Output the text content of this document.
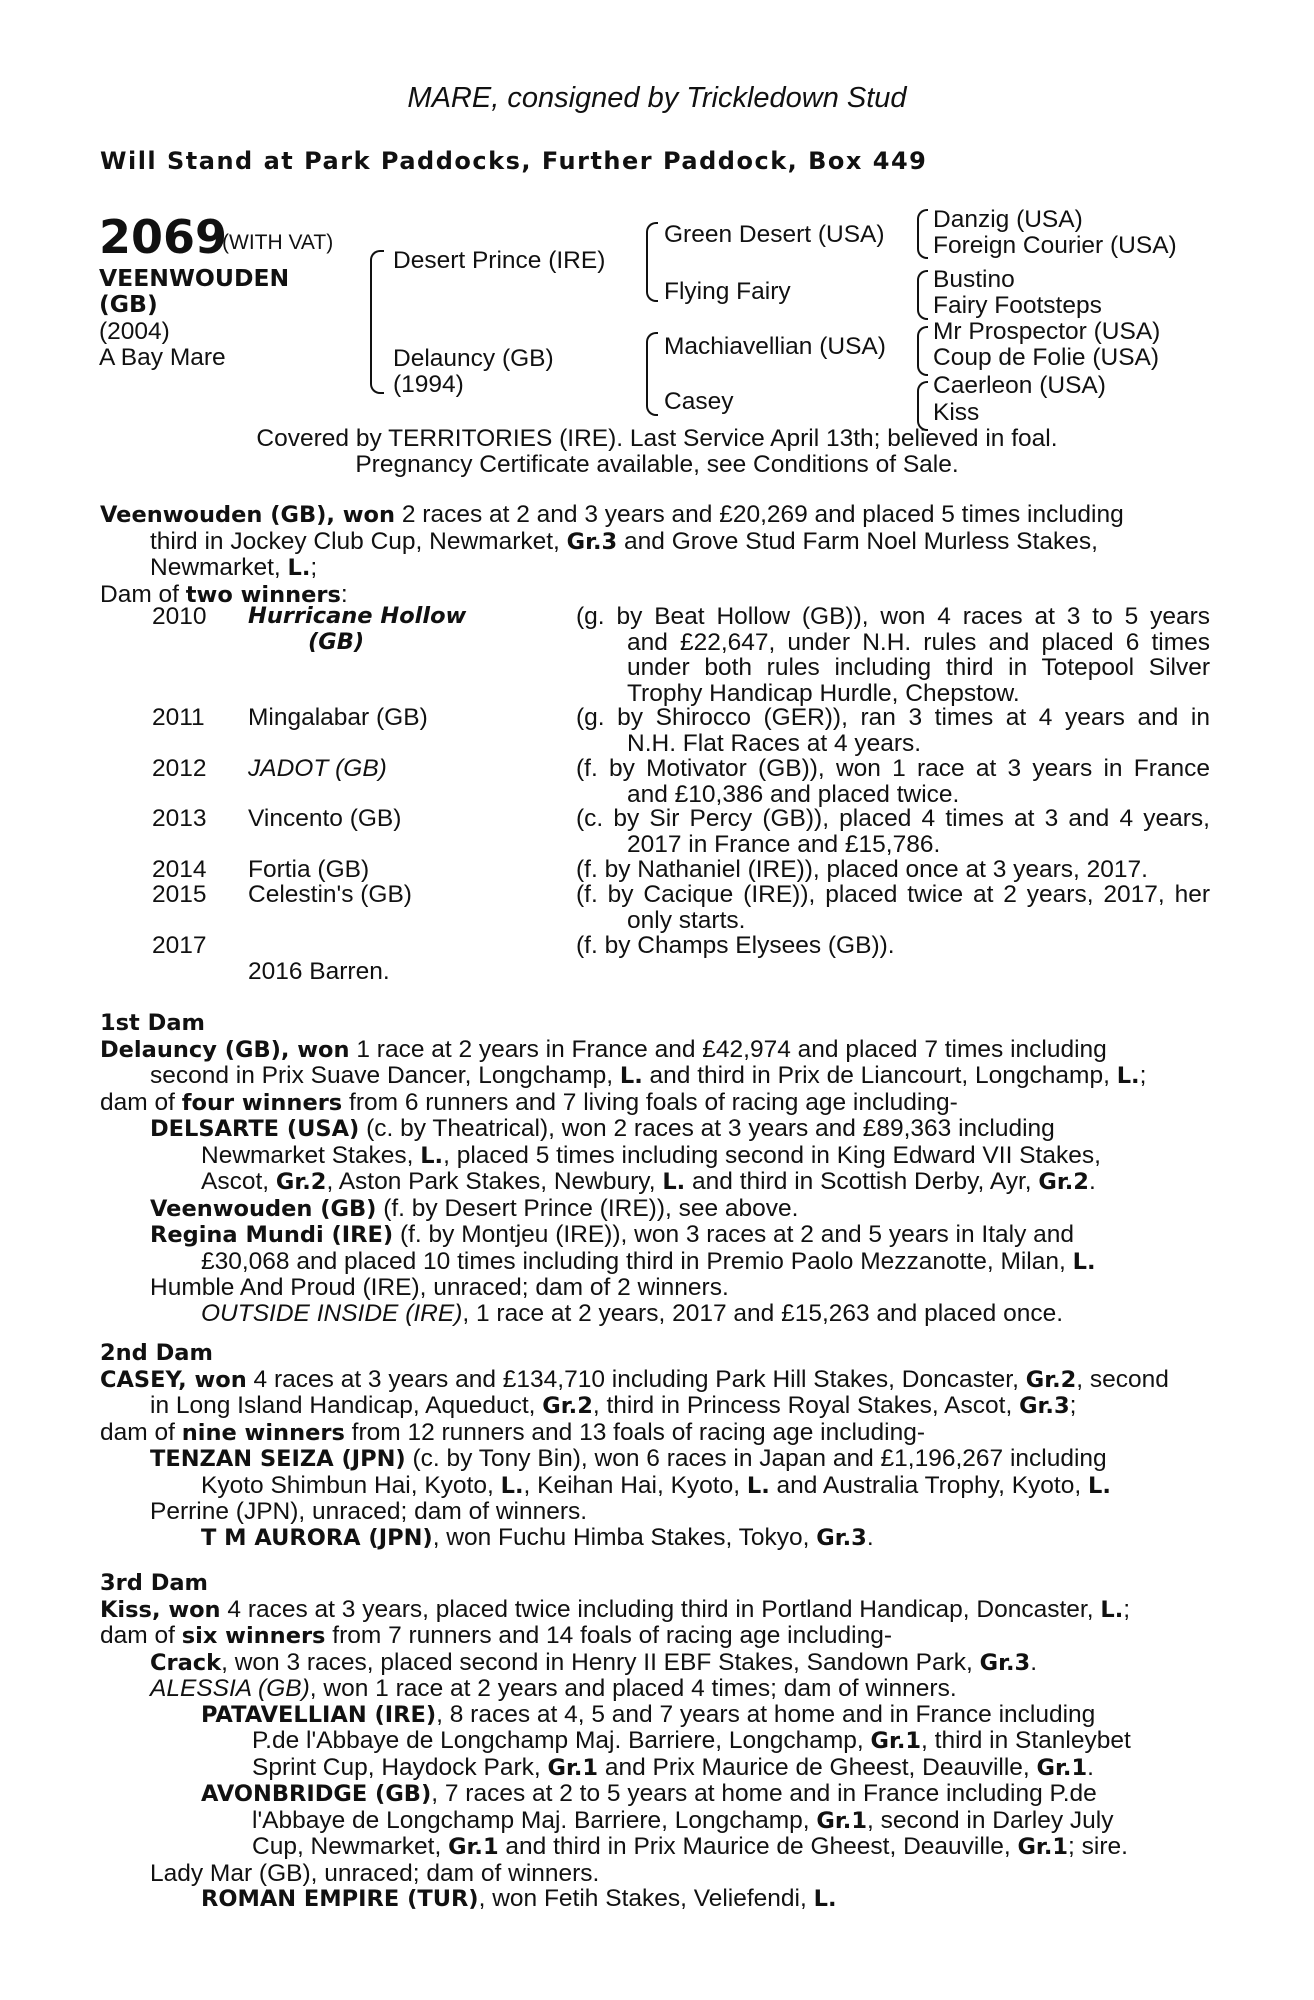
MARE, consigned by Trickledown Stud
Will Stand at Park Paddocks, Further Paddock, Box 449
2069
(WITH VAT)
VEENWOUDEN
(GB)
(2004)
A Bay Mare
Desert Prince (IRE)
Delauncy (GB)
(1994)
Green Desert (USA)
Flying Fairy
Machiavellian (USA)
Casey
Danzig (USA)
Foreign Courier (USA)
Bustino
Fairy Footsteps
Mr Prospector (USA)
Coup de Folie (USA)
Caerleon (USA)
Kiss
Covered by TERRITORIES (IRE). Last Service April 13th; believed in foal.
Pregnancy Certificate available, see Conditions of Sale.

Veenwouden (GB), won 2 races at 2 and 3 years and £20,269 and placed 5 times including

third in Jockey Club Cup, Newmarket, Gr.3 and Grove Stud Farm Noel Murless Stakes,

Newmarket, L.;

Dam of two winners:

2010 Hurricane Hollow
(GB)
(g. by Beat Hollow (GB)), won 4 races at 3 to 5 years
and £22,647, under N.H. rules and placed 6 times
under both rules including third in Totepool Silver
Trophy Handicap Hurdle, Chepstow.
2011 Mingalabar (GB)	(g. by Shirocco (GER)), ran 3 times at 4 years and in
N.H. Flat Races at 4 years.
2012 JADOT (GB)	(f. by Motivator (GB)), won 1 race at 3 years in France
and £10,386 and placed twice.
2013 Vincento (GB)	(c. by Sir Percy (GB)), placed 4 times at 3 and 4 years,
2017 in France and £15,786.
2014 Fortia (GB)	(f. by Nathaniel (IRE)), placed once at 3 years, 2017.
2015 Celestin's (GB)	(f. by Cacique (IRE)), placed twice at 2 years, 2017, her
only starts.
2017	(f. by Champs Elysees (GB)).
2016 Barren.

1st Dam

Delauncy (GB), won 1 race at 2 years in France and £42,974 and placed 7 times including

second in Prix Suave Dancer, Longchamp, L. and third in Prix de Liancourt, Longchamp, L.;

dam of four winners from 6 runners and 7 living foals of racing age including-

DELSARTE (USA) (c. by Theatrical), won 2 races at 3 years and £89,363 including

Newmarket Stakes, L., placed 5 times including second in King Edward VII Stakes,

Ascot, Gr.2, Aston Park Stakes, Newbury, L. and third in Scottish Derby, Ayr, Gr.2.

Veenwouden (GB) (f. by Desert Prince (IRE)), see above.

Regina Mundi (IRE) (f. by Montjeu (IRE)), won 3 races at 2 and 5 years in Italy and

£30,068 and placed 10 times including third in Premio Paolo Mezzanotte, Milan, L.

Humble And Proud (IRE), unraced; dam of 2 winners.

OUTSIDE INSIDE (IRE), 1 race at 2 years, 2017 and £15,263 and placed once.

2nd Dam

CASEY, won 4 races at 3 years and £134,710 including Park Hill Stakes, Doncaster, Gr.2, second

in Long Island Handicap, Aqueduct, Gr.2, third in Princess Royal Stakes, Ascot, Gr.3;

dam of nine winners from 12 runners and 13 foals of racing age including-

TENZAN SEIZA (JPN) (c. by Tony Bin), won 6 races in Japan and £1,196,267 including

Kyoto Shimbun Hai, Kyoto, L., Keihan Hai, Kyoto, L. and Australia Trophy, Kyoto, L.

Perrine (JPN), unraced; dam of winners.

T M AURORA (JPN), won Fuchu Himba Stakes, Tokyo, Gr.3.

3rd Dam

Kiss, won 4 races at 3 years, placed twice including third in Portland Handicap, Doncaster, L.;

dam of six winners from 7 runners and 14 foals of racing age including-

Crack, won 3 races, placed second in Henry II EBF Stakes, Sandown Park, Gr.3.

ALESSIA (GB), won 1 race at 2 years and placed 4 times; dam of winners.

PATAVELLIAN (IRE), 8 races at 4, 5 and 7 years at home and in France including

P.de l'Abbaye de Longchamp Maj. Barriere, Longchamp, Gr.1, third in Stanleybet

Sprint Cup, Haydock Park, Gr.1 and Prix Maurice de Gheest, Deauville, Gr.1.

AVONBRIDGE (GB), 7 races at 2 to 5 years at home and in France including P.de

l'Abbaye de Longchamp Maj. Barriere, Longchamp, Gr.1, second in Darley July

Cup, Newmarket, Gr.1 and third in Prix Maurice de Gheest, Deauville, Gr.1; sire.

Lady Mar (GB), unraced; dam of winners.

ROMAN EMPIRE (TUR), won Fetih Stakes, Veliefendi, L.
